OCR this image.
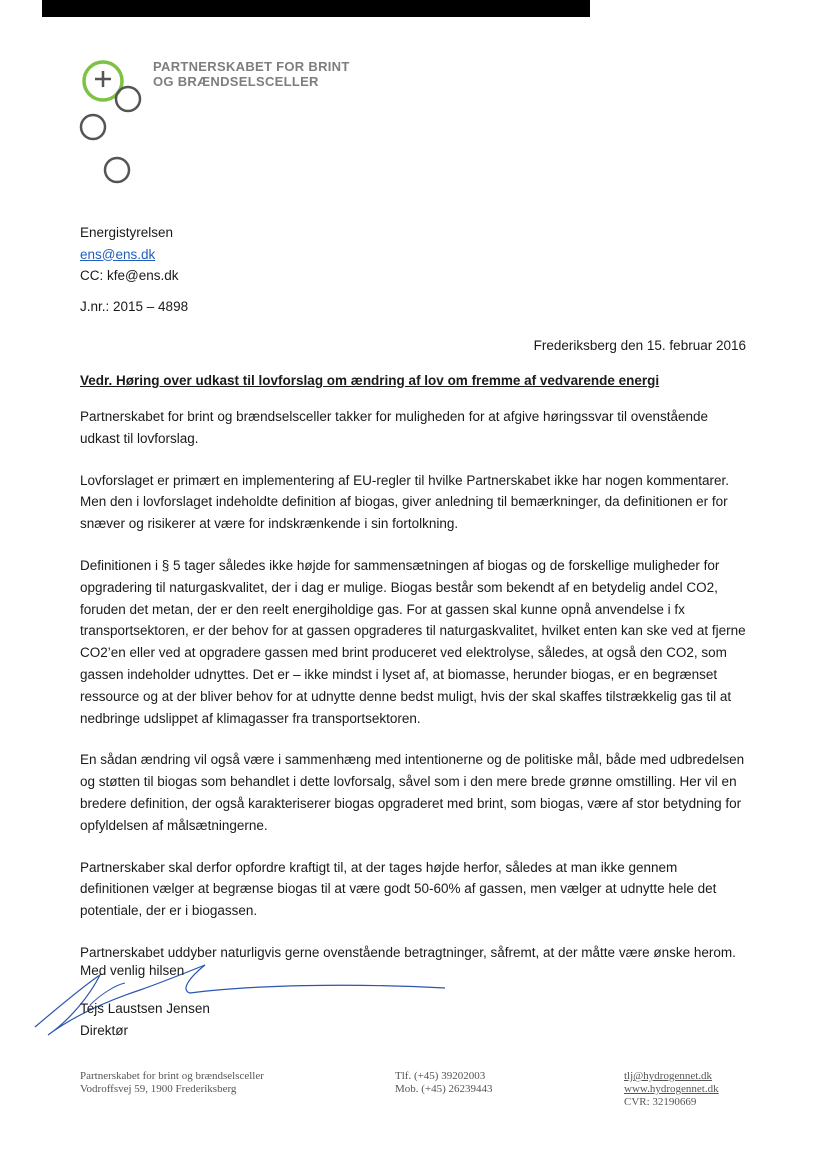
PARTNERSKABET FOR BRINT
OG BRÆNDSELSCELLER
Energistyrelsen
ens@ens.dk
CC: kfe@ens.dk
J.nr.: 2015 – 4898
Frederiksberg den 15. februar 2016
Vedr. Høring over udkast til lovforslag om ændring af lov om fremme af vedvarende energi

Partnerskabet for brint og brændselsceller takker for muligheden for at afgive høringssvar til ovenstående udkast til lovforslag.

Lovforslaget er primært en implementering af EU-regler til hvilke Partnerskabet ikke har nogen kommentarer. Men den i lovforslaget indeholdte definition af biogas, giver anledning til bemærkninger, da definitionen er for snæver og risikerer at være for indskrænkende i sin fortolkning.

Definitionen i § 5 tager således ikke højde for sammensætningen af biogas og de forskellige muligheder for opgradering til naturgaskvalitet, der i dag er mulige. Biogas består som bekendt af en betydelig andel CO2, foruden det metan, der er den reelt energiholdige gas. For at gassen skal kunne opnå anvendelse i fx transportsektoren, er der behov for at gassen opgraderes til naturgaskvalitet, hvilket enten kan ske ved at fjerne CO2’en eller ved at opgradere gassen med brint produceret ved elektrolyse, således, at også den CO2, som gassen indeholder udnyttes. Det er – ikke mindst i lyset af, at biomasse, herunder biogas, er en begrænset ressource og at der bliver behov for at udnytte denne bedst muligt, hvis der skal skaffes tilstrækkelig gas til at nedbringe udslippet af klimagasser fra transportsektoren.

En sådan ændring vil også være i sammenhæng med intentionerne og de politiske mål, både med udbredelsen og støtten til biogas som behandlet i dette lovforsalg, såvel som i den mere brede grønne omstilling. Her vil en bredere definition, der også karakteriserer biogas opgraderet med brint, som biogas, være af stor betydning for opfyldelsen af målsætningerne.

Partnerskaber skal derfor opfordre kraftigt til, at der tages højde herfor, således at man ikke gennem definitionen vælger at begrænse biogas til at være godt 50-60% af gassen, men vælger at udnytte hele det potentiale, der er i biogassen.

Partnerskabet uddyber naturligvis gerne ovenstående betragtninger, såfremt, at der måtte være ønske herom.

Med venlig hilsen
Tejs Laustsen Jensen
Direktør
Partnerskabet for brint og brændselsceller
Vodroffsvej 59, 1900 Frederiksberg
Tlf. (+45) 39202003
Mob. (+45) 26239443
tlj@hydrogennet.dk
www.hydrogennet.dk
CVR: 32190669
